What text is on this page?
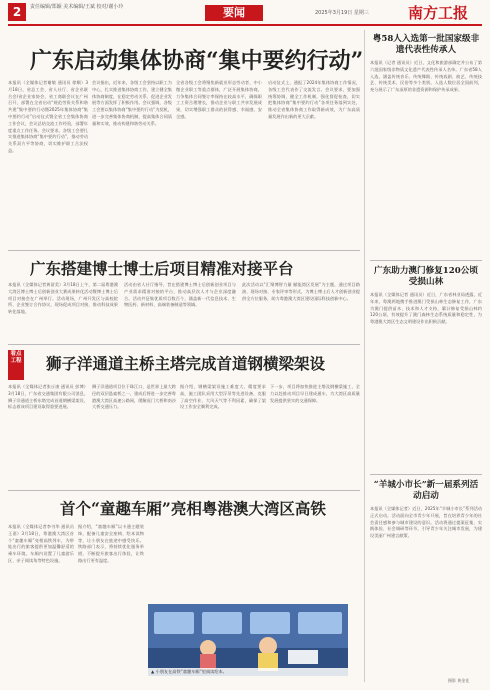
2	责任编辑/郑颖 美术编辑/王斌 校对/谢小玲	要闻	2025年3月19日 星期三	南方工报
广东启动集体协商“集中要约行动”
本报讯（全媒体记者谢敏 通讯员 徐顺）3月18日，省总工会、省人社厅、省企业联合会/省企业家协会、省工商联会议在广州召开，部署在全省启动“规范劳资关系和谐共建”集中要约行动暨2025年集体协商“集中要约行动”启动仪式暨全省工会集体协商工作会议，会议总结交流工作经验，部署年度重点工作任务。会议要求，各级工会要扎实推进集体协商“集中要约行动”，推动劳动关系双方平等协商，切实维护职工合法权益。
会议指出，近年来，各级工会坚持以职工为中心，扎实推进集体协商工作，建立健全集体协商制度，在稳定劳动关系、促进企业发展等方面发挥了积极作用。会议强调，各级工会要以集体协商“集中要约行动”为契机，进一步完善集体协商机制，提高集体合同质量和实效，推动构建和谐劳动关系。
全省各级工会将聚焦新就业形态劳动者、中小微企业职工等重点群体，广泛开展集体协商，力争集体合同签订率保持在较高水平，确保职工工资合理增长，推动企业与职工共享发展成果，切实增强职工群众的获得感、幸福感、安全感。
启动仪式上，通报了2024年集体协商工作情况，各级工会代表作了交流发言。会议要求，要加强统筹协调，健全工作机制，强化督促检查，切实把集体协商“集中要约行动”各项任务落到实处，推动全省集体协商工作取得新成效，为广东高质量发展作出新的更大贡献。
广东搭建博士博士后项目精准对接平台
本报讯（全媒体记者黄留美）3月18日上午，第二届粤港澳大湾区博士博士后创新创业大赛成果转化活动暨博士博士后项目对接会在广州举行。活动现场，广州开发区与高校院所、企业签订合作协议，现场促成项目对接，推动科技成果转化落地。
活动由省人社厅指导，旨在搭建博士博士后创新创业项目与产业需求精准对接的平台，推动高层次人才与企业深度融合。活动共征集优质项目数百个，涵盖新一代信息技术、生物医药、新材料、高端装备制造等领域。
此次活动以“汇聚博智力量 赋能湾区发展”为主题，通过项目路演、现场对接、专家评审等形式，为博士博士后人才创新创业提供全方位服务，助力粤港澳大湾区建设国际科技创新中心。
看点 工程 狮子洋通道主桥主塔完成首道钢横梁架设
本报讯（全媒体记者张丘康 通讯员 彭博）3月18日，广东省交通集团有限公司消息，狮子洋通道主桥东塔完成首道钢横梁架设，标志着该项目建设取得重要进展。
狮子洋通道项目位于珠江口，是世界上最大跨径的双层悬索桥之一，建成后将进一步完善粤港澳大湾区高速公路网，缓解虎门大桥和南沙大桥交通压力。
据介绍，钢横梁架设施工难度大、精度要求高，施工团队采用大型浮吊等先进设备，克服了高空作业、大风天气等不利因素，确保了架设工作安全顺利完成。
下一步，项目将加快推进主塔及钢横梁施工，全力以赴推动项目早日建成通车，为大湾区高质量发展提供坚实的交通保障。
首个“童趣车厢”亮相粤港澳大湾区高铁
本报讯（全媒体记者李书华 通讯员 王嘉）3月18日，粤港澳大湾区首个“童趣车厢”亮相高铁列车，为带娃出行的旅客提供更加温馨舒适的乘车环境。车厢内设置了儿童游乐区、亲子阅读角等特色设施。
据介绍，“童趣车厢”以卡通主题装饰，配备儿童安全座椅、绘本读物等，让小朋友在旅途中感受快乐。铁路部门表示，将持续优化服务举措，不断提升旅客出行体验，让铁路出行更有温度。
▲ 小朋友在高铁“童趣车厢”里阅读绘本。
摄影 黄金花
粤58人入选第一批国家级非遗代表性传承人
本报讯（记者 通讯员）近日，文化和旅游部确定并公布了第六批国家级非物质文化遗产代表性传承人名单。广东省58人入选，涵盖传统音乐、传统舞蹈、传统戏剧、曲艺、传统技艺、传统美术、民俗等多个类别。入选人数位居全国前列，充分展示了广东深厚的非遗资源和保护传承成果。
广东助力澳门修复120公顷受损山林
本报讯（全媒体记者 通讯员）近日，广东省林业局透露，近年来，粤澳两地携手推进澳门受损山林生态修复工作，广东为澳门提供苗木、技术和人才支持，累计修复受损山林约120公顷，有效提升了澳门森林生态系统质量和稳定性，为粤港澳大湾区生态文明建设作出积极贡献。
“羊城小市长”新一届系列活动启动
本报讯（全媒体记者）近日，2025年“羊城小市长”系列活动正式启动。活动面向全市青少年开展，旨在培养青少年的社会责任感和参与城市建设的意识。活动将通过提案征集、实践体验、社会调研等环节，引导青少年关注城市发展，为建设美丽广州建言献策。
